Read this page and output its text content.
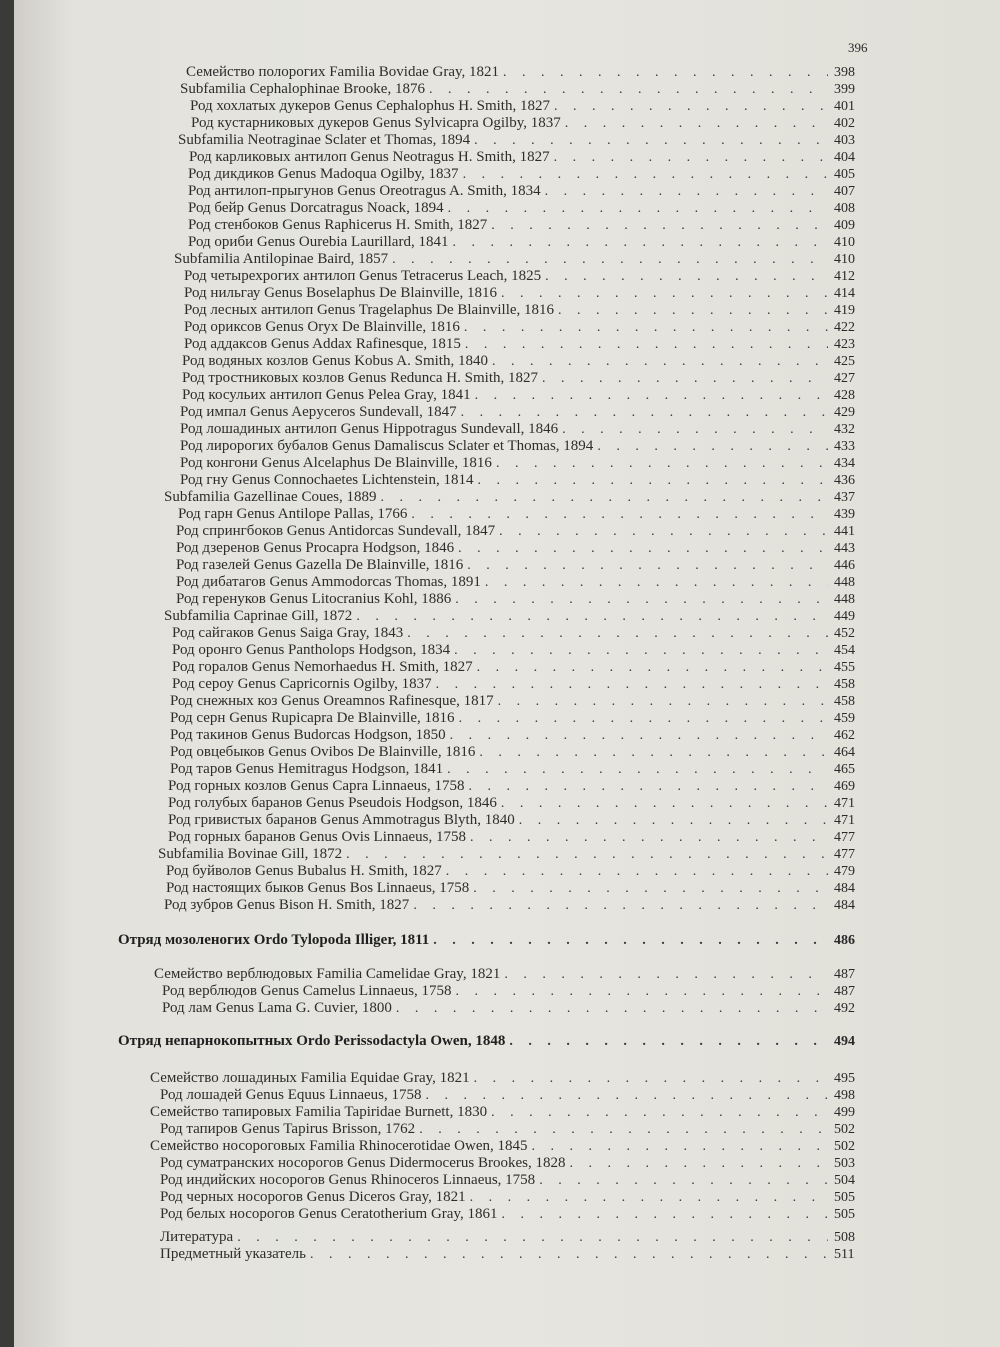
396
Семейство полорогих Familia Bovidae Gray, 1821 . . .	398
Subfamilia Cephalophinae Brooke, 1876 . . .	399
Род хохлатых дукеров Genus Cephalophus H. Smith, 1827 . . .	401
Род кустарниковых дукеров Genus Sylvicapra Ogilby, 1837 . . .	402
Subfamilia Neotraginae Sclater et Thomas, 1894 . . .	403
Род карликовых антилоп Genus Neotragus H. Smith, 1827 . . .	404
Род дикдиков Genus Madoqua Ogilby, 1837 . . .	405
Род антилоп-прыгунов Genus Oreotragus A. Smith, 1834 . . .	407
Род бейр Genus Dorcatragus Noack, 1894 . . .	408
Род стенбоков Genus Raphicerus H. Smith, 1827 . . .	409
Род ориби Genus Ourebia Laurillard, 1841 . . .	410
Subfamilia Antilopinae Baird, 1857 . . .	410
Род четырехрогих антилоп Genus Tetracerus Leach, 1825 . . .	412
Род нильгау Genus Boselaphus De Blainville, 1816 . . .	414
Род лесных антилоп Genus Tragelaphus De Blainville, 1816 . . .	419
Род ориксов Genus Oryx De Blainville, 1816 . . .	422
Род аддаксов Genus Addax Rafinesque, 1815 . . .	423
Род водяных козлов Genus Kobus A. Smith, 1840 . . .	425
Род тростниковых козлов Genus Redunca H. Smith, 1827 . . .	427
Род косульих антилоп Genus Pelea Gray, 1841 . . .	428
Род импал Genus Aepyceros Sundevall, 1847 . . .	429
Род лошадиных антилоп Genus Hippotragus Sundevall, 1846 . . .	432
Род лиророгих бубалов Genus Damaliscus Sclater et Thomas, 1894 . . .	433
Род конгони Genus Alcelaphus De Blainville, 1816 . . .	434
Род гну Genus Connochaetes Lichtenstein, 1814 . . .	436
Subfamilia Gazellinae Coues, 1889 . . .	437
Род гарн Genus Antilope Pallas, 1766 . . .	439
Род спрингбоков Genus Antidorcas Sundevall, 1847 . . .	441
Род дзеренов Genus Procapra Hodgson, 1846 . . .	443
Род газелей Genus Gazella De Blainville, 1816 . . .	446
Род дибатагов Genus Ammodorcas Thomas, 1891 . . .	448
Род геренуков Genus Litocranius Kohl, 1886 . . .	448
Subfamilia Caprinae Gill, 1872 . . .	449
Род сайгаков Genus Saiga Gray, 1843 . . .	452
Род оронго Genus Pantholops Hodgson, 1834 . . .	454
Род горалов Genus Nemorhaedus H. Smith, 1827 . . .	455
Род сероу Genus Capricornis Ogilby, 1837 . . .	458
Род снежных коз Genus Oreamnos Rafinesque, 1817 . . .	458
Род серн Genus Rupicapra De Blainville, 1816 . . .	459
Род такинов Genus Budorcas Hodgson, 1850 . . .	462
Род овцебыков Genus Ovibos De Blainville, 1816 . . .	464
Род таров Genus Hemitragus Hodgson, 1841 . . .	465
Род горных козлов Genus Capra Linnaeus, 1758 . . .	469
Род голубых баранов Genus Pseudois Hodgson, 1846 . . .	471
Род гривистых баранов Genus Ammotragus Blyth, 1840 . . .	471
Род горных баранов Genus Ovis Linnaeus, 1758 . . .	477
Subfamilia Bovinae Gill, 1872 . . .	477
Род буйволов Genus Bubalus H. Smith, 1827 . . .	479
Род настоящих быков Genus Bos Linnaeus, 1758 . . .	484
Род зубров Genus Bison H. Smith, 1827 . . .	484
Отряд мозоленогих Ordo Tylopoda Illiger, 1811 . . .	486
Семейство верблюдовых Familia Camelidae Gray, 1821 . . .	487
Род верблюдов Genus Camelus Linnaeus, 1758 . . .	487
Род лам Genus Lama G. Cuvier, 1800 . . .	492
Отряд непарнокопытных Ordo Perissodactyla Owen, 1848 . . .	494
Семейство лошадиных Familia Equidae Gray, 1821 . . .	495
Род лошадей Genus Equus Linnaeus, 1758 . . .	498
Семейство тапировых Familia Tapiridae Burnett, 1830 . . .	499
Род тапиров Genus Tapirus Brisson, 1762 . . .	502
Семейство носороговых Familia Rhinocerotidae Owen, 1845 . . .	502
Род суматранских носорогов Genus Didermocerus Brookes, 1828 . . .	503
Род индийских носорогов Genus Rhinoceros Linnaeus, 1758 . . .	504
Род черных носорогов Genus Diceros Gray, 1821 . . .	505
Род белых носорогов Genus Ceratotherium Gray, 1861 . . .	505
Литература . . .	508
Предметный указатель . . .	511
